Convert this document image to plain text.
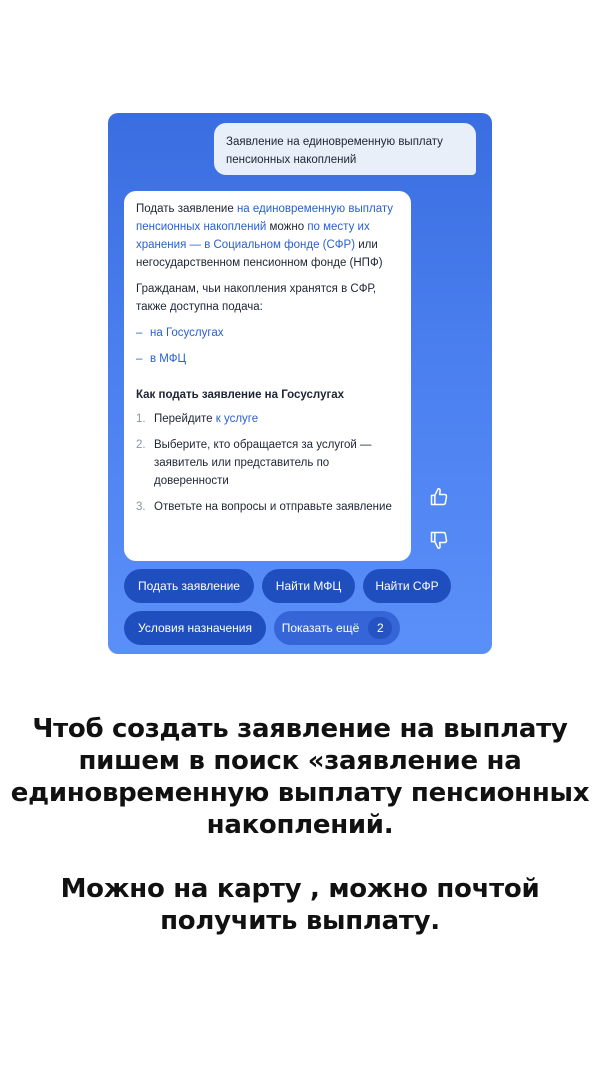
Заявление на единовременную выплату пенсионных накоплений

Подать заявление на единовременную выплату пенсионных накоплений можно по месту их хранения — в Социальном фонде (СФР) или негосударственном пенсионном фонде (НПФ)

Гражданам, чьи накопления хранятся в СФР, также доступна подача:

– на Госуслугах
– в МФЦ
Как подать заявление на Госуслугах
1. Перейдите к услуге
2. Выберите, кто обращается за услугой — заявитель или представитель по доверенности
3. Ответьте на вопросы и отправьте заявление
Подать заявление	Найти МФЦ	Найти СФР
Условия назначения	Показать ещё	2

Чтоб создать заявление на выплату пишем в поиск «заявление на единовременную выплату пенсионных накоплений.

Можно на карту , можно почтой получить выплату.
